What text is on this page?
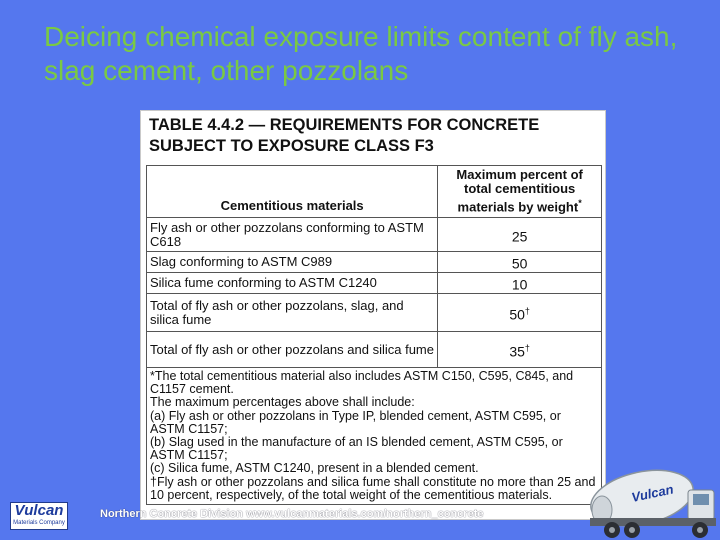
Deicing chemical exposure limits content of fly ash, slag cement, other pozzolans
TABLE 4.4.2 — REQUIREMENTS FOR CONCRETE
SUBJECT TO EXPOSURE CLASS F3
Cementitious materials	Maximum percent of total cementitious materials by weight*
Fly ash or other pozzolans conforming to ASTM C618	25
Slag conforming to ASTM C989	50
Silica fume conforming to ASTM C1240	10
Total of fly ash or other pozzolans, slag, and silica fume	50†
Total of fly ash or other pozzolans and silica fume	35†
*The total cementitious material also includes ASTM C150, C595, C845, and C1157 cement.
The maximum percentages above shall include:
(a) Fly ash or other pozzolans in Type IP, blended cement, ASTM C595, or ASTM C1157;
(b) Slag used in the manufacture of an IS blended cement, ASTM C595, or ASTM C1157;
(c) Silica fume, ASTM C1240, present in a blended cement.
†Fly ash or other pozzolans and silica fume shall constitute no more than 25 and 10 percent, respectively, of the total weight of the cementitious materials.
Vulcan
Materials Company
Northern Concrete Division www.vulcanmaterials.com/northern_concrete
Vulcan
